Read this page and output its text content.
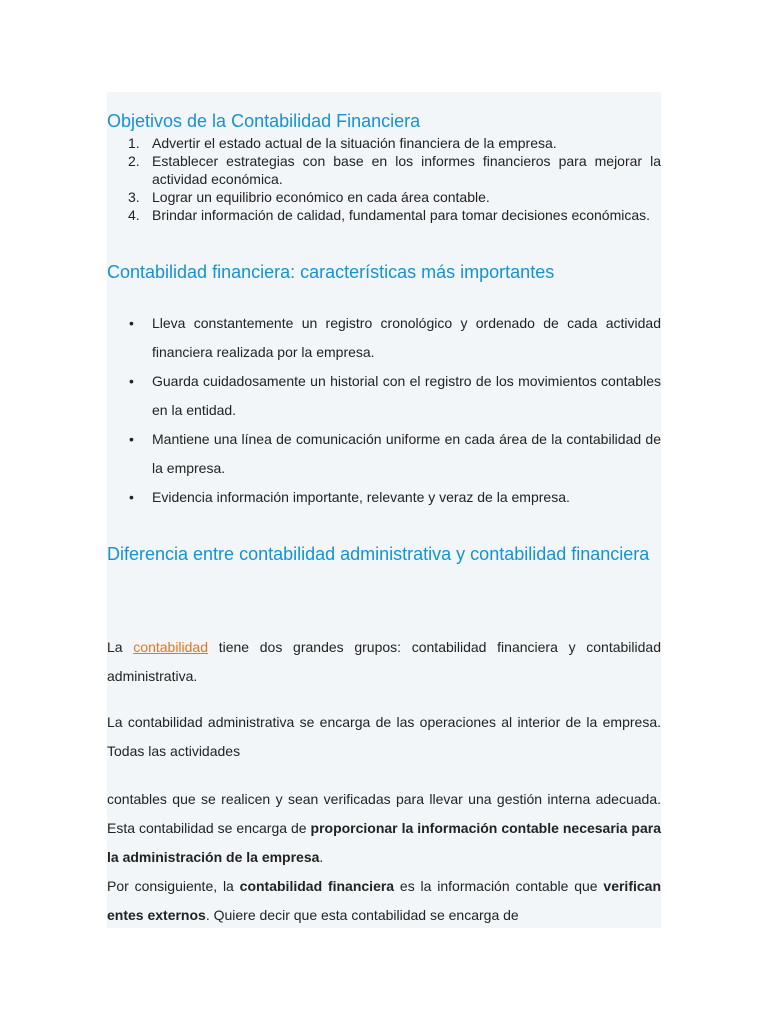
Objetivos de la Contabilidad Financiera
1. Advertir el estado actual de la situación financiera de la empresa.
2. Establecer estrategias con base en los informes financieros para mejorar la actividad económica.
3. Lograr un equilibrio económico en cada área contable.
4. Brindar información de calidad, fundamental para tomar decisiones económicas.
Contabilidad financiera: características más importantes
• Lleva constantemente un registro cronológico y ordenado de cada actividad financiera realizada por la empresa.
• Guarda cuidadosamente un historial con el registro de los movimientos contables en la entidad.
• Mantiene una línea de comunicación uniforme en cada área de la contabilidad de la empresa.
• Evidencia información importante, relevante y veraz de la empresa.
Diferencia entre contabilidad administrativa y contabilidad financiera

La contabilidad tiene dos grandes grupos: contabilidad financiera y contabilidad administrativa.

La contabilidad administrativa se encarga de las operaciones al interior de la empresa. Todas las actividades

contables que se realicen y sean verificadas para llevar una gestión interna adecuada. Esta contabilidad se encarga de proporcionar la información contable necesaria para la administración de la empresa.
Por consiguiente, la contabilidad financiera es la información contable que verifican entes externos. Quiere decir que esta contabilidad se encarga de
